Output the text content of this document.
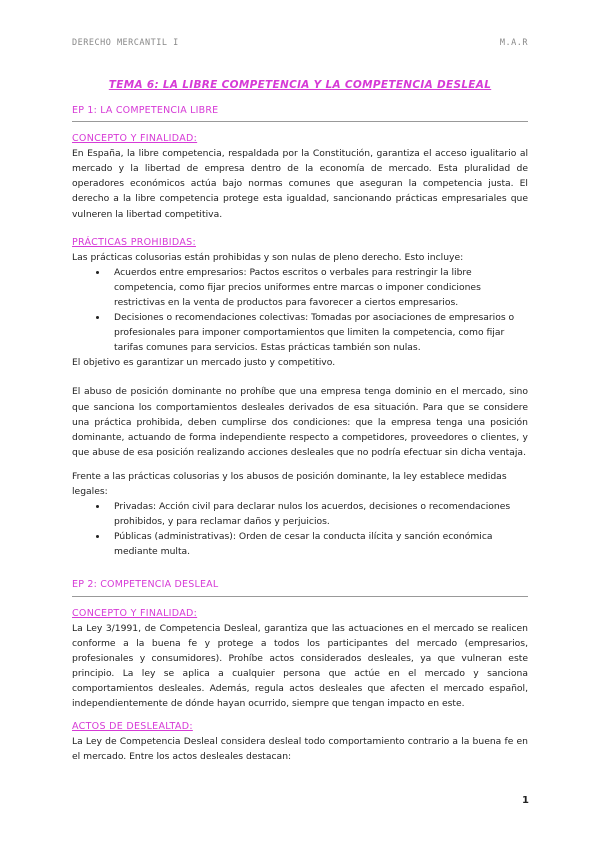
DERECHO MERCANTIL I	M.A.R

TEMA 6: LA LIBRE COMPETENCIA Y LA COMPETENCIA DESLEAL

EP 1: LA COMPETENCIA LIBRE

CONCEPTO Y FINALIDAD:

En España, la libre competencia, respaldada por la Constitución, garantiza el acceso igualitario al mercado y la libertad de empresa dentro de la economía de mercado. Esta pluralidad de operadores económicos actúa bajo normas comunes que aseguran la competencia justa. El derecho a la libre competencia protege esta igualdad, sancionando prácticas empresariales que vulneren la libertad competitiva.

PRÁCTICAS PROHIBIDAS:

Las prácticas colusorias están prohibidas y son nulas de pleno derecho. Esto incluye:

• Acuerdos entre empresarios: Pactos escritos o verbales para restringir la libre competencia, como fijar precios uniformes entre marcas o imponer condiciones restrictivas en la venta de productos para favorecer a ciertos empresarios.
• Decisiones o recomendaciones colectivas: Tomadas por asociaciones de empresarios o profesionales para imponer comportamientos que limiten la competencia, como fijar tarifas comunes para servicios. Estas prácticas también son nulas.

El objetivo es garantizar un mercado justo y competitivo.

El abuso de posición dominante no prohíbe que una empresa tenga dominio en el mercado, sino que sanciona los comportamientos desleales derivados de esa situación. Para que se considere una práctica prohibida, deben cumplirse dos condiciones: que la empresa tenga una posición dominante, actuando de forma independiente respecto a competidores, proveedores o clientes, y que abuse de esa posición realizando acciones desleales que no podría efectuar sin dicha ventaja.

Frente a las prácticas colusorias y los abusos de posición dominante, la ley establece medidas legales:

• Privadas: Acción civil para declarar nulos los acuerdos, decisiones o recomendaciones prohibidos, y para reclamar daños y perjuicios.
• Públicas (administrativas): Orden de cesar la conducta ilícita y sanción económica mediante multa.

EP 2: COMPETENCIA DESLEAL

CONCEPTO Y FINALIDAD:

La Ley 3/1991, de Competencia Desleal, garantiza que las actuaciones en el mercado se realicen conforme a la buena fe y protege a todos los participantes del mercado (empresarios, profesionales y consumidores). Prohíbe actos considerados desleales, ya que vulneran este principio. La ley se aplica a cualquier persona que actúe en el mercado y sanciona comportamientos desleales. Además, regula actos desleales que afecten el mercado español, independientemente de dónde hayan ocurrido, siempre que tengan impacto en este.

ACTOS DE DESLEALTAD:

La Ley de Competencia Desleal considera desleal todo comportamiento contrario a la buena fe en el mercado. Entre los actos desleales destacan:

1
